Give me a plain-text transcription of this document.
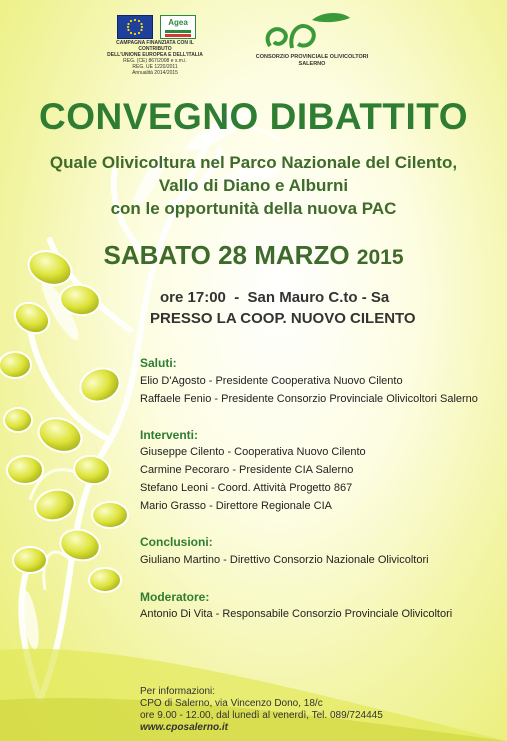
Agea
CAMPAGNA FINANZIATA CON IL CONTRIBUTO
DELL'UNIONE EUROPEA E DELL'ITALIA
REG. (CE) 867/2008 e s.m.i.
REG. UE 1220/2011
Annualità 2014/2015
CONSORZIO PROVINCIALE OLIVICOLTORI
SALERNO
CONVEGNO DIBATTITO
Quale Olivicoltura nel Parco Nazionale del Cilento,
Vallo di Diano e Alburni
con le opportunità della nuova PAC
SABATO 28 MARZO 2015
ore 17:00  -  San Mauro C.to - Sa
PRESSO LA COOP. NUOVO CILENTO
Saluti:
Elio D'Agosto - Presidente Cooperativa Nuovo Cilento
Raffaele Fenio - Presidente Consorzio Provinciale Olivicoltori Salerno
Interventi:
Giuseppe Cilento - Cooperativa Nuovo Cilento
Carmine Pecoraro - Presidente CIA Salerno
Stefano Leoni - Coord. Attività Progetto 867
Mario Grasso - Direttore Regionale CIA
Conclusioni:
Giuliano Martino - Direttivo Consorzio Nazionale Olivicoltori
Moderatore:
Antonio Di Vita - Responsabile Consorzio Provinciale Olivicoltori
Per informazioni:
CPO di Salerno, via Vincenzo Dono, 18/c
ore 9.00 - 12.00, dal lunedì al venerdì, Tel. 089/724445
www.cposalerno.it
